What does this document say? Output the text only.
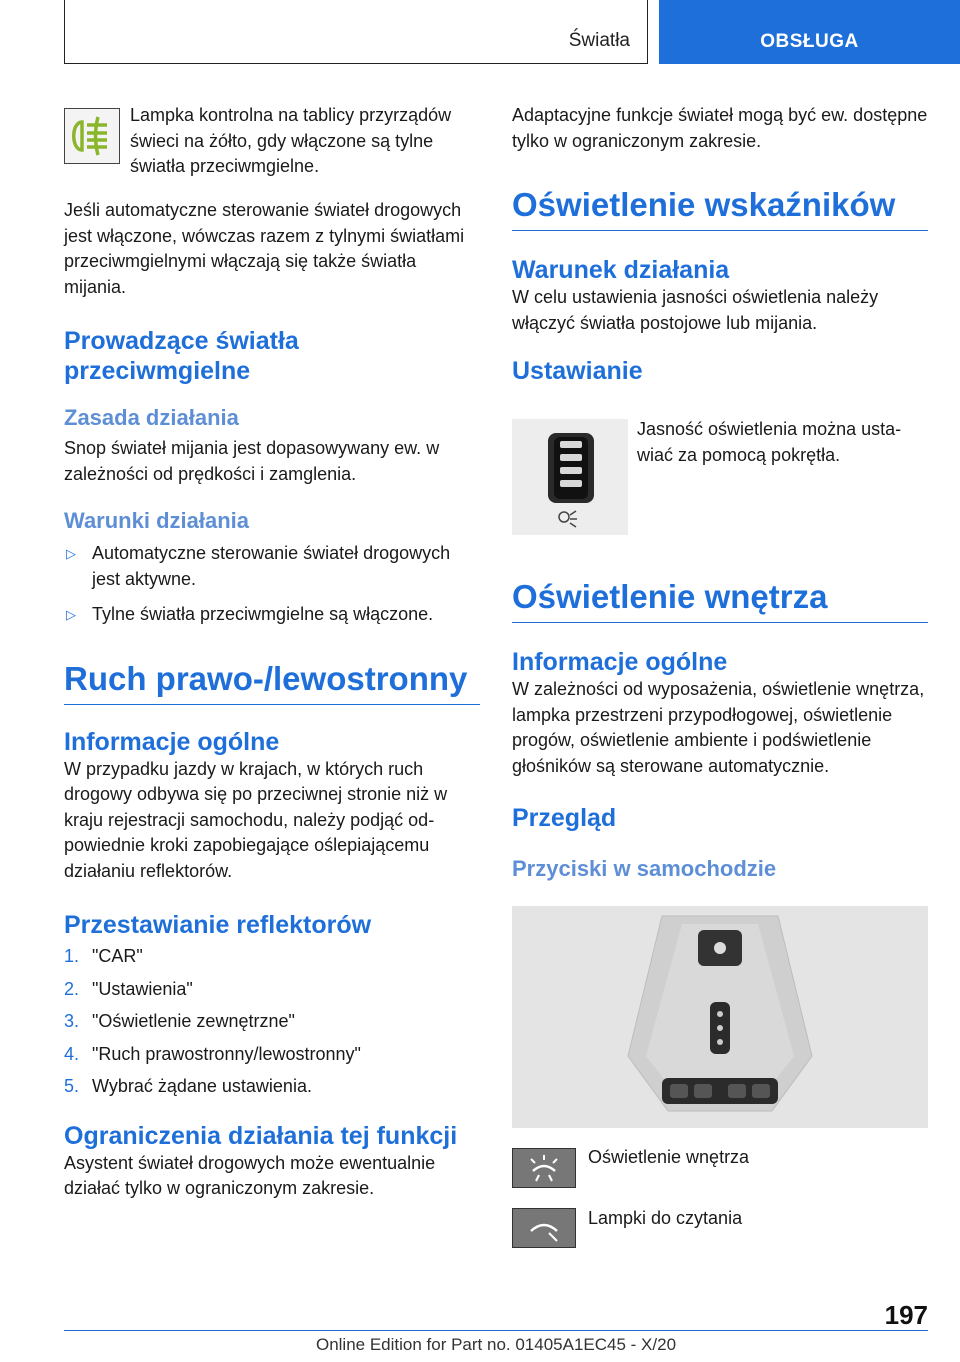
Światła	OBSŁUGA

Lampka kontrolna na tablicy przyrządów świeci na żółto, gdy włączone są tylne światła przeciwmgielne.

Jeśli automatyczne sterowanie świateł drogowych jest włączone, wówczas razem z tylnymi światłami przeciwmgielnymi włączają się także światła mijania.

Prowadzące światła przeciwmgielne
Zasada działania

Snop świateł mijania jest dopasowywany ew. w zależności od prędkości i zamglenia.

Warunki działania
▷ Automatyczne sterowanie świateł drogowych jest aktywne.
▷ Tylne światła przeciwmgielne są włączone.
Ruch prawo-/lewostronny
Informacje ogólne

W przypadku jazdy w krajach, w których ruch drogowy odbywa się po przeciwnej stronie niż w kraju rejestracji samochodu, należy podjąć odpowiednie kroki zapobiegające oślepiającemu działaniu reflektorów.

Przestawianie reflektorów
1. "CAR"
2. "Ustawienia"
3. "Oświetlenie zewnętrzne"
4. "Ruch prawostronny/lewostronny"
5. Wybrać żądane ustawienia.
Ograniczenia działania tej funkcji

Asystent świateł drogowych może ewentualnie działać tylko w ograniczonym zakresie.

Adaptacyjne funkcje świateł mogą być ew. dostępne tylko w ograniczonym zakresie.

Oświetlenie wskaźników
Warunek działania

W celu ustawienia jasności oświetlenia należy włączyć światła postojowe lub mijania.

Ustawianie

Jasność oświetlenia można ustawiać za pomocą pokrętła.

Oświetlenie wnętrza
Informacje ogólne

W zależności od wyposażenia, oświetlenie wnętrza, lampka przestrzeni przypodłogowej, oświetlenie progów, oświetlenie ambiente i podświetlenie głośników są sterowane automatycznie.

Przegląd
Przyciski w samochodzie

Oświetlenie wnętrza

Lampki do czytania

197
Online Edition for Part no. 01405A1EC45 - X/20
